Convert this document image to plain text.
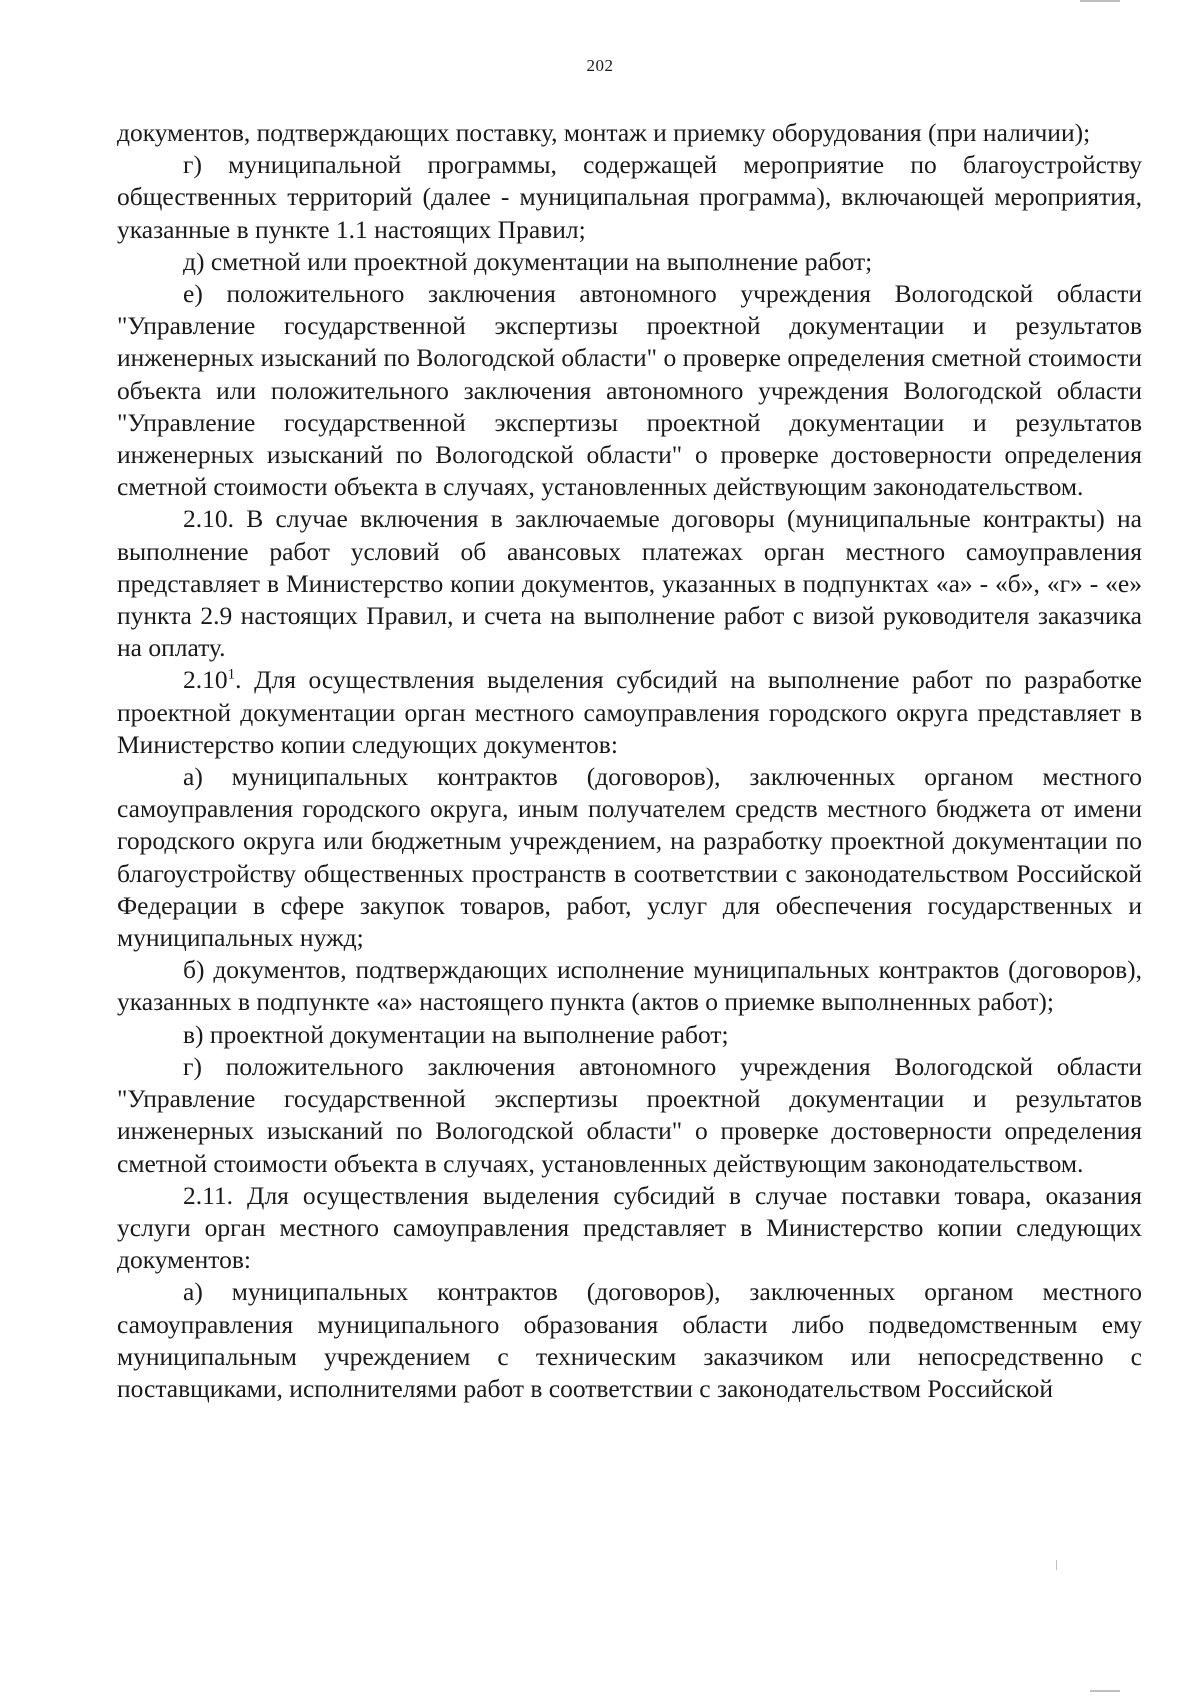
202

документов, подтверждающих поставку, монтаж и приемку оборудования (при наличии);

г) муниципальной программы, содержащей мероприятие по благоустройству общественных территорий (далее - муниципальная программа), включающей мероприятия, указанные в пункте 1.1 настоящих Правил;

д) сметной или проектной документации на выполнение работ;

е) положительного заключения автономного учреждения Вологодской области "Управление государственной экспертизы проектной документации и результатов инженерных изысканий по Вологодской области" о проверке определения сметной стоимости объекта или положительного заключения автономного учреждения Вологодской области "Управление государственной экспертизы проектной документации и результатов инженерных изысканий по Вологодской области" о проверке достоверности определения сметной стоимости объекта в случаях, установленных действующим законодательством.

2.10. В случае включения в заключаемые договоры (муниципальные контракты) на выполнение работ условий об авансовых платежах орган местного самоуправления представляет в Министерство копии документов, указанных в подпунктах «а» - «б», «г» - «е» пункта 2.9 настоящих Правил, и счета на выполнение работ с визой руководителя заказчика на оплату.

2.10$^1$. Для осуществления выделения субсидий на выполнение работ по разработке проектной документации орган местного самоуправления городского округа представляет в Министерство копии следующих документов:

а) муниципальных контрактов (договоров), заключенных органом местного самоуправления городского округа, иным получателем средств местного бюджета от имени городского округа или бюджетным учреждением, на разработку проектной документации по благоустройству общественных пространств в соответствии с законодательством Российской Федерации в сфере закупок товаров, работ, услуг для обеспечения государственных и муниципальных нужд;

б) документов, подтверждающих исполнение муниципальных контрактов (договоров), указанных в подпункте «а» настоящего пункта (актов о приемке выполненных работ);

в) проектной документации на выполнение работ;

г) положительного заключения автономного учреждения Вологодской области "Управление государственной экспертизы проектной документации и результатов инженерных изысканий по Вологодской области" о проверке достоверности определения сметной стоимости объекта в случаях, установленных действующим законодательством.

2.11. Для осуществления выделения субсидий в случае поставки товара, оказания услуги орган местного самоуправления представляет в Министерство копии следующих документов:

а) муниципальных контрактов (договоров), заключенных органом местного самоуправления муниципального образования области либо подведомственным ему муниципальным учреждением с техническим заказчиком или непосредственно с поставщиками, исполнителями работ в соответствии с законодательством Российской
